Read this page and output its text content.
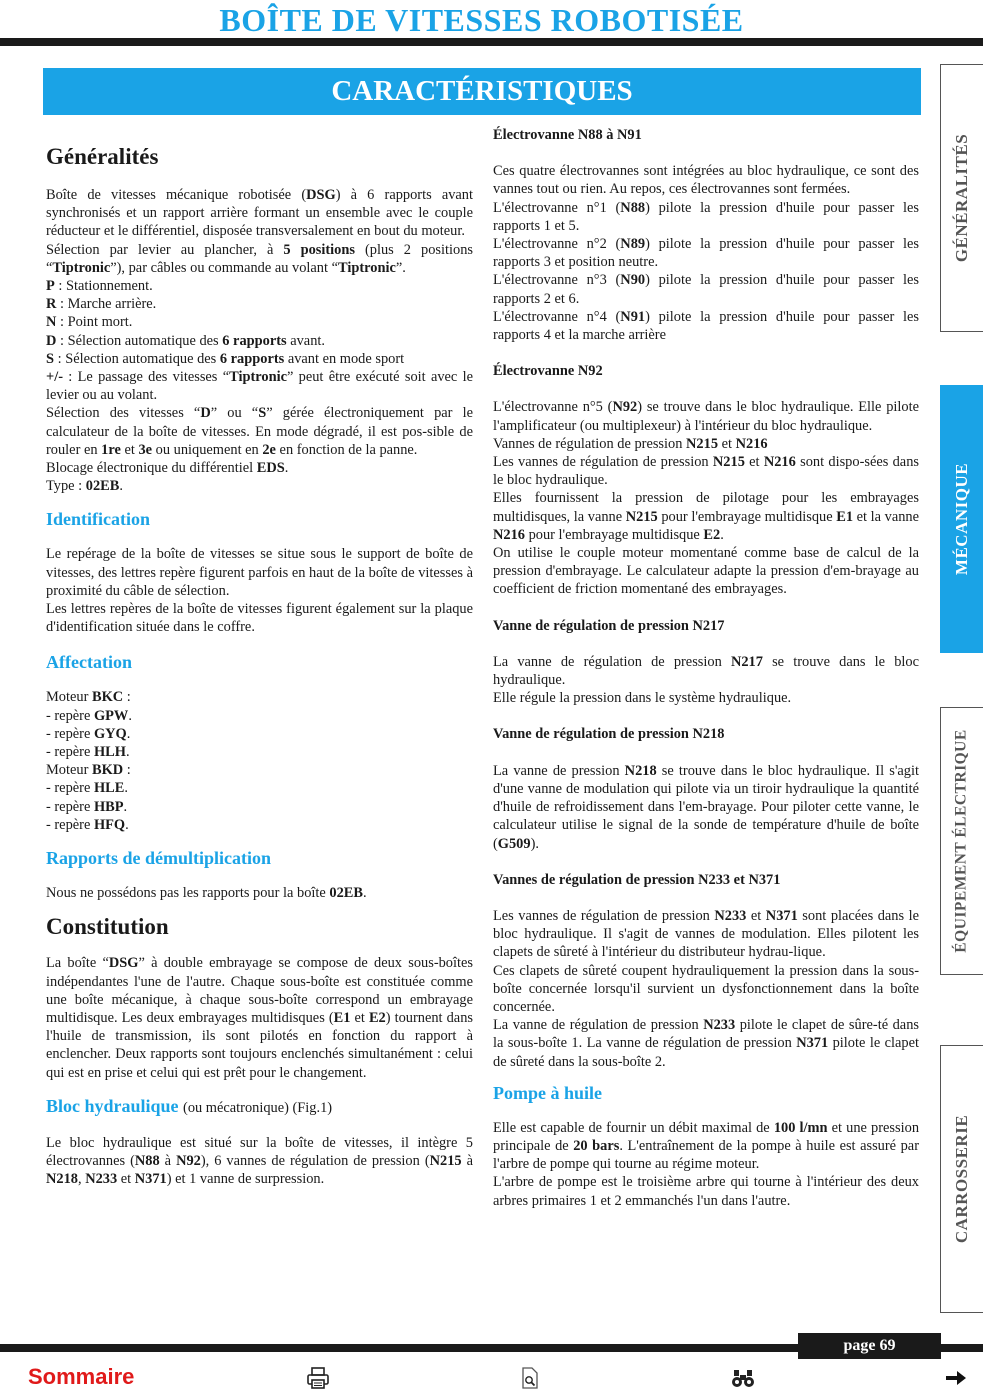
BOÎTE DE VITESSES ROBOTISÉE
CARACTÉRISTIQUES
GÉNÉRALITÉS
MÉCANIQUE
ÉQUIPEMENT ÉLECTRIQUE
CARROSSERIE
Généralités

Boîte de vitesses mécanique robotisée (DSG) à 6 rapports avant synchronisés et un rapport arrière formant un ensemble avec le couple réducteur et le différentiel, disposée transversalement en bout du moteur.

Sélection par levier au plancher, à 5 positions (plus 2 positions “Tiptronic”), par câbles ou commande au volant “Tiptronic”.

P : Stationnement.

R : Marche arrière.

N : Point mort.

D : Sélection automatique des 6 rapports avant.

S : Sélection automatique des 6 rapports avant en mode sport

+/- : Le passage des vitesses “Tiptronic” peut être exécuté soit avec le levier ou au volant.

Sélection des vitesses “D” ou “S” gérée électroniquement par le calculateur de la boîte de vitesses. En mode dégradé, il est pos-sible de rouler en 1re et 3e ou uniquement en 2e en fonction de la panne.

Blocage électronique du différentiel EDS.

Type : 02EB.

Identification

Le repérage de la boîte de vitesses se situe sous le support de boîte de vitesses, des lettres repère figurent parfois en haut de la boîte de vitesses à proximité du câble de sélection.

Les lettres repères de la boîte de vitesses figurent également sur la plaque d'identification située dans le coffre.

Affectation

Moteur BKC :

- repère GPW.

- repère GYQ.

- repère HLH.

Moteur BKD :

- repère HLE.

- repère HBP.

- repère HFQ.

Rapports de démultiplication

Nous ne possédons pas les rapports pour la boîte 02EB.

Constitution

La boîte “DSG” à double embrayage se compose de deux sous-boîtes indépendantes l'une de l'autre. Chaque sous-boîte est constituée comme une boîte mécanique, à chaque sous-boîte correspond un embrayage multidisque. Les deux embrayages multidisques (E1 et E2) tournent dans l'huile de transmission, ils sont pilotés en fonction du rapport à enclencher. Deux rapports sont toujours enclenchés simultanément : celui qui est en prise et celui qui est prêt pour le changement.

Bloc hydraulique (ou mécatronique) (Fig.1)

Le bloc hydraulique est situé sur la boîte de vitesses, il intègre 5 électrovannes (N88 à N92), 6 vannes de régulation de pression (N215 à N218, N233 et N371) et 1 vanne de surpression.

Électrovanne N88 à N91

Ces quatre électrovannes sont intégrées au bloc hydraulique, ce sont des vannes tout ou rien. Au repos, ces électrovannes sont fermées.

L'électrovanne n°1 (N88) pilote la pression d'huile pour passer les rapports 1 et 5.

L'électrovanne n°2 (N89) pilote la pression d'huile pour passer les rapports 3 et position neutre.

L'électrovanne n°3 (N90) pilote la pression d'huile pour passer les rapports 2 et 6.

L'électrovanne n°4 (N91) pilote la pression d'huile pour passer les rapports 4 et la marche arrière

Électrovanne N92

L'électrovanne n°5 (N92) se trouve dans le bloc hydraulique. Elle pilote l'amplificateur (ou multiplexeur) à l'intérieur du bloc hydraulique.

Vannes de régulation de pression N215 et N216

Les vannes de régulation de pression N215 et N216 sont dispo-sées dans le bloc hydraulique.

Elles fournissent la pression de pilotage pour les embrayages multidisques, la vanne N215 pour l'embrayage multidisque E1 et la vanne N216 pour l'embrayage multidisque E2.

On utilise le couple moteur momentané comme base de calcul de la pression d'embrayage. Le calculateur adapte la pression d'em-brayage au coefficient de friction momentané des embrayages.

Vanne de régulation de pression N217

La vanne de régulation de pression N217 se trouve dans le bloc hydraulique.

Elle régule la pression dans le système hydraulique.

Vanne de régulation de pression N218

La vanne de pression N218 se trouve dans le bloc hydraulique. Il s'agit d'une vanne de modulation qui pilote via un tiroir hydraulique la quantité d'huile de refroidissement dans l'em-brayage. Pour piloter cette vanne, le calculateur utilise le signal de la sonde de température d'huile de boîte (G509).

Vannes de régulation de pression N233 et N371

Les vannes de régulation de pression N233 et N371 sont placées dans le bloc hydraulique. Il s'agit de vannes de modulation. Elles pilotent les clapets de sûreté à l'intérieur du distributeur hydrau-lique.

Ces clapets de sûreté coupent hydrauliquement la pression dans la sous-boîte concernée lorsqu'il survient un dysfonctionnement dans la boîte concernée.

La vanne de régulation de pression N233 pilote le clapet de sûre-té dans la sous-boîte 1. La vanne de régulation de pression N371 pilote le clapet de sûreté dans la sous-boîte 2.

Pompe à huile

Elle est capable de fournir un débit maximal de 100 l/mn et une pression principale de 20 bars. L'entraînement de la pompe à huile est assuré par l'arbre de pompe qui tourne au régime moteur.

L'arbre de pompe est le troisième arbre qui tourne à l'intérieur des deux arbres primaires 1 et 2 emmanchés l'un dans l'autre.

page 69
Sommaire
